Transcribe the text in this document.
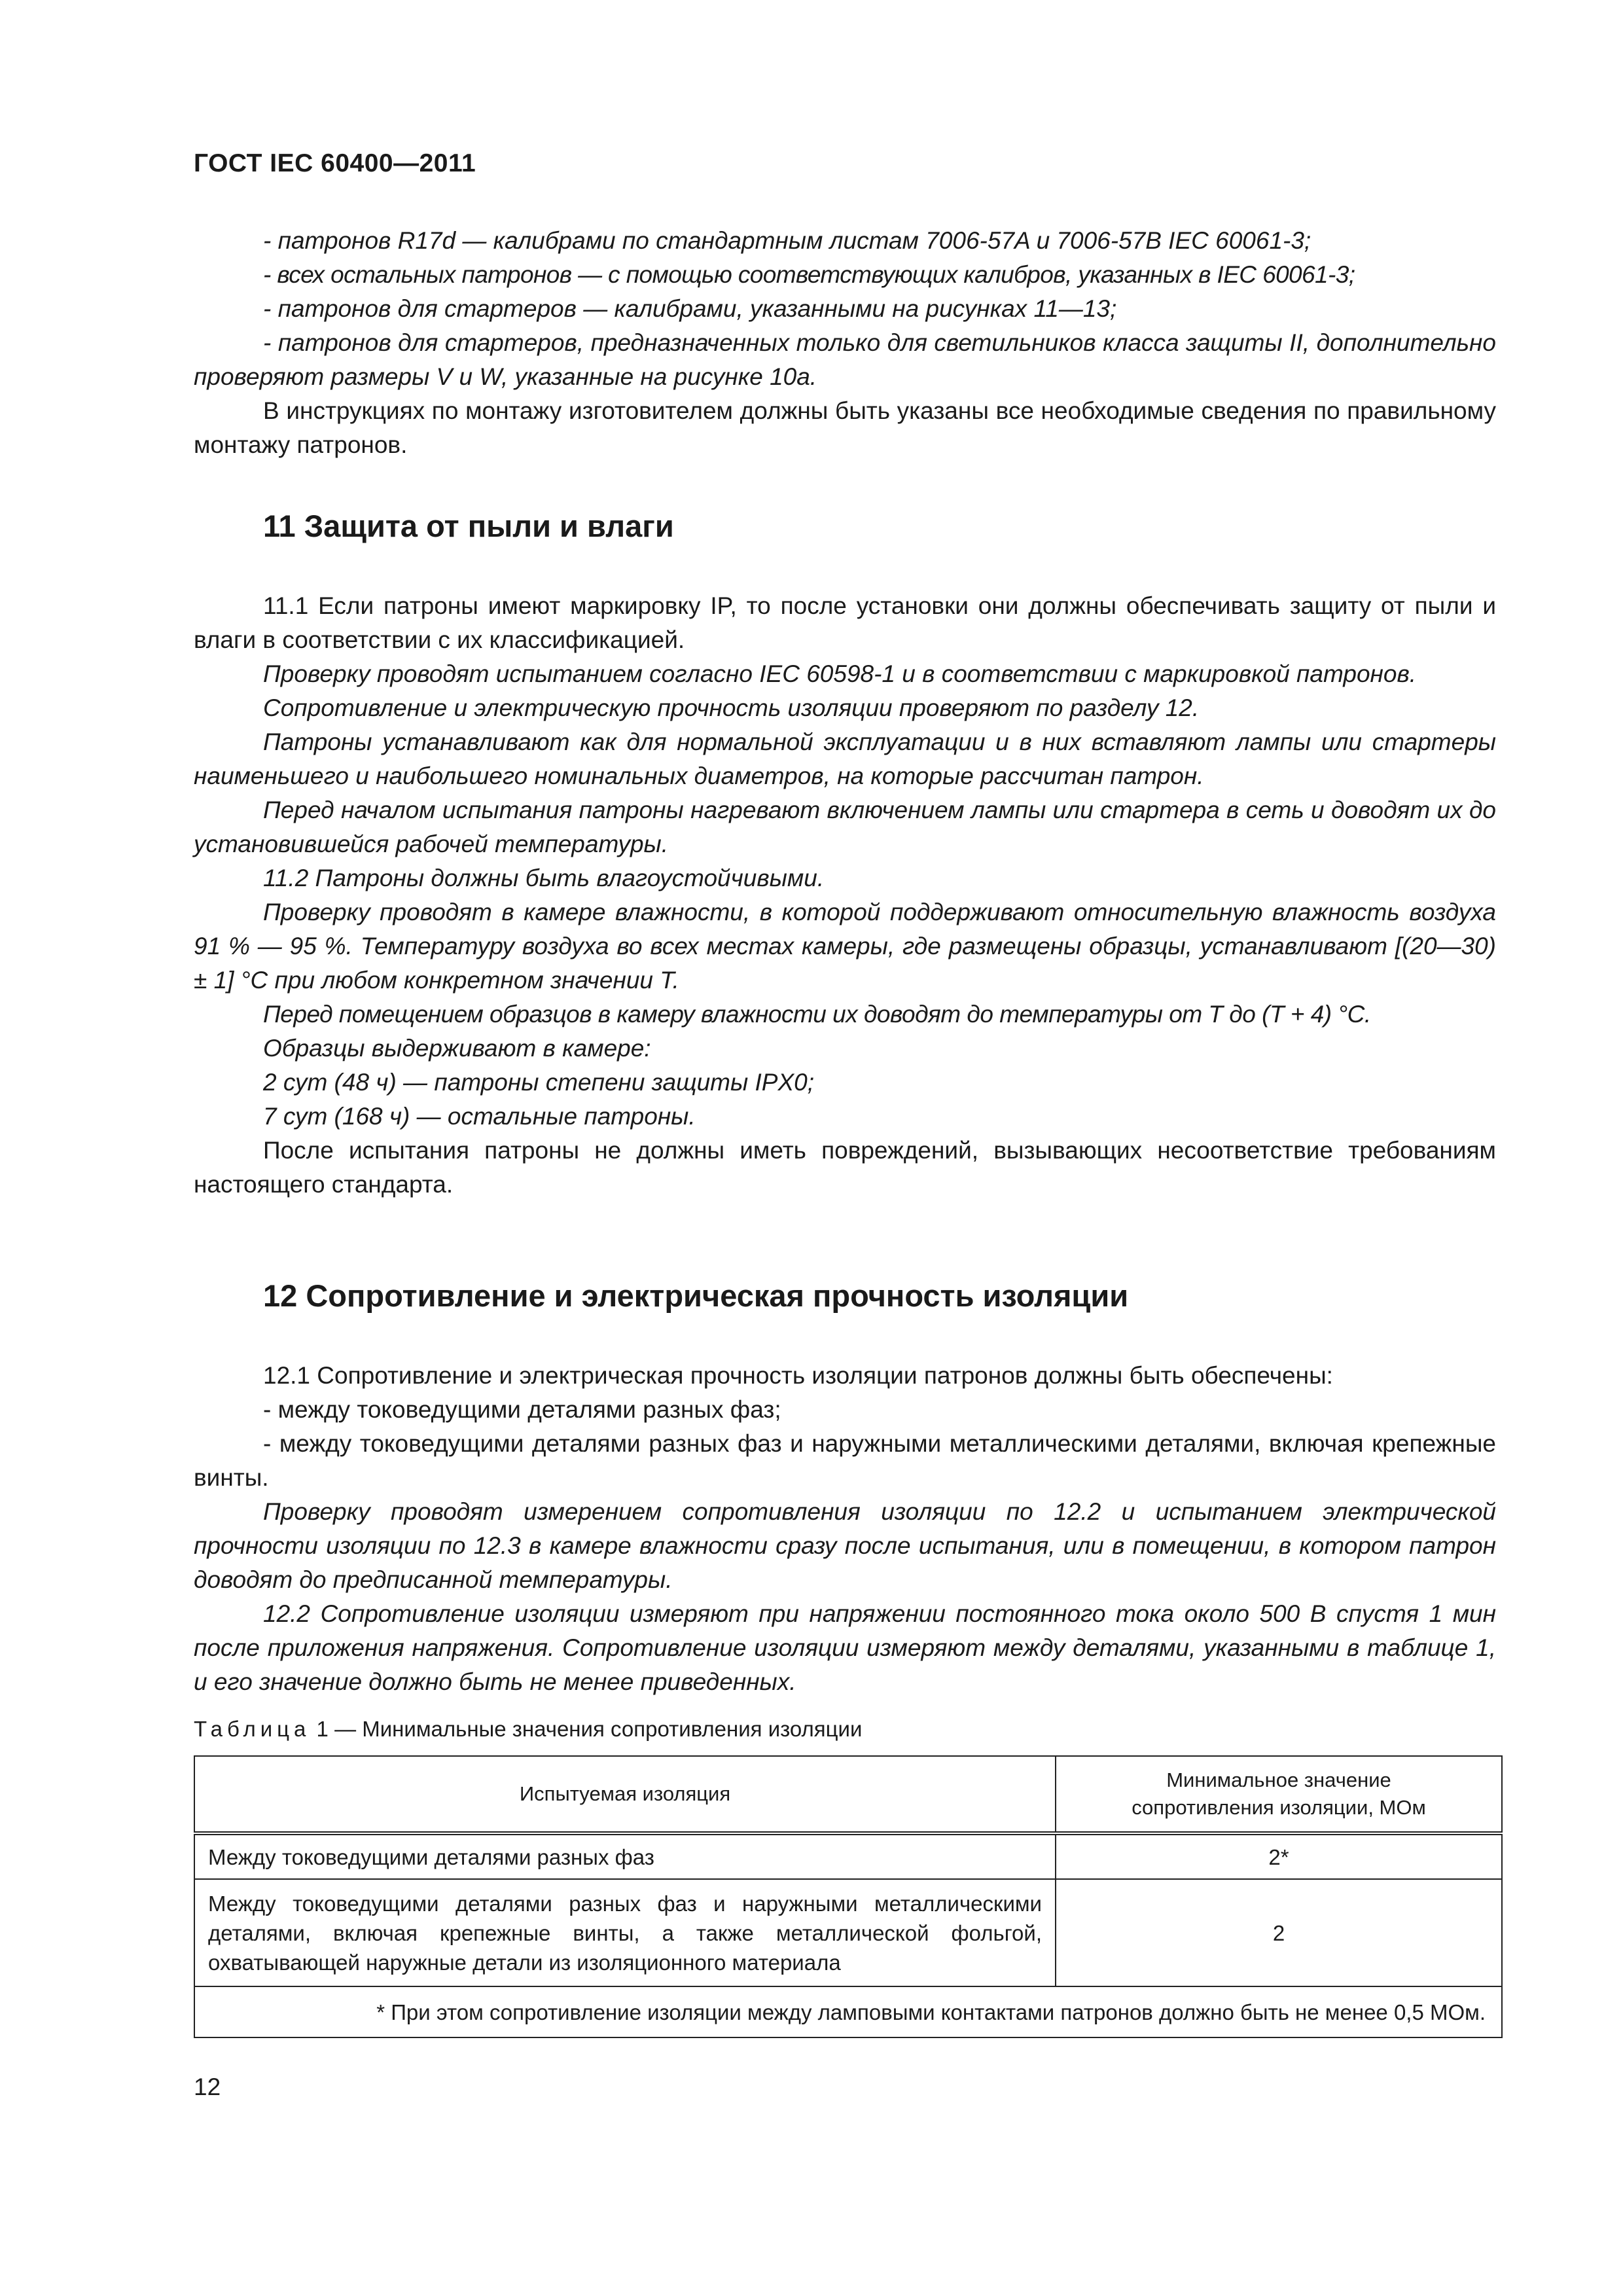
ГОСТ IEC 60400—2011

- патронов R17d — калибрами по стандартным листам 7006-57A и 7006-57B IEC 60061-3;

- всех остальных патронов — с помощью соответствующих калибров, указанных в IEC 60061-3;

- патронов для стартеров — калибрами, указанными на рисунках 11—13;

- патронов для стартеров, предназначенных только для светильников класса защиты II, дополнительно проверяют размеры V и W, указанные на рисунке 10а.

В инструкциях по монтажу изготовителем должны быть указаны все необходимые сведения по правильному монтажу патронов.

11 Защита от пыли и влаги

11.1 Если патроны имеют маркировку IP, то после установки они должны обеспечивать защиту от пыли и влаги в соответствии с их классификацией.

Проверку проводят испытанием согласно IEC 60598-1 и в соответствии с маркировкой патронов.

Сопротивление и электрическую прочность изоляции проверяют по разделу 12.

Патроны устанавливают как для нормальной эксплуатации и в них вставляют лампы или стартеры наименьшего и наибольшего номинальных диаметров, на которые рассчитан патрон.

Перед началом испытания патроны нагревают включением лампы или стартера в сеть и доводят их до установившейся рабочей температуры.

11.2 Патроны должны быть влагоустойчивыми.

Проверку проводят в камере влажности, в которой поддерживают относительную влажность воздуха 91 % — 95 %. Температуру воздуха во всех местах камеры, где размещены образцы, устанавливают [(20—30) ± 1] °С при любом конкретном значении T.

Перед помещением образцов в камеру влажности их доводят до температуры от T до (T + 4) °С.

Образцы выдерживают в камере:

2 сут (48 ч) — патроны степени защиты IPX0;

7 сут (168 ч) — остальные патроны.

После испытания патроны не должны иметь повреждений, вызывающих несоответствие требованиям настоящего стандарта.

12 Сопротивление и электрическая прочность изоляции

12.1 Сопротивление и электрическая прочность изоляции патронов должны быть обеспечены:

- между токоведущими деталями разных фаз;

- между токоведущими деталями разных фаз и наружными металлическими деталями, включая крепежные винты.

Проверку проводят измерением сопротивления изоляции по 12.2 и испытанием электрической прочности изоляции по 12.3 в камере влажности сразу после испытания, или в помещении, в котором патрон доводят до предписанной температуры.

12.2 Сопротивление изоляции измеряют при напряжении постоянного тока около 500 В спустя 1 мин после приложения напряжения. Сопротивление изоляции измеряют между деталями, указанными в таблице 1, и его значение должно быть не менее приведенных.

Таблица 1 — Минимальные значения сопротивления изоляции
Испытуемая изоляция	Минимальное значение
сопротивления изоляции, МОм
Между токоведущими деталями разных фаз	2*
Между токоведущими деталями разных фаз и наружными металлическими деталями, включая крепежные винты, а также металлической фольгой, охватывающей наружные детали из изоляционного материала	2
* При этом сопротивление изоляции между ламповыми контактами патронов должно быть не менее 0,5 МОм.	
12
